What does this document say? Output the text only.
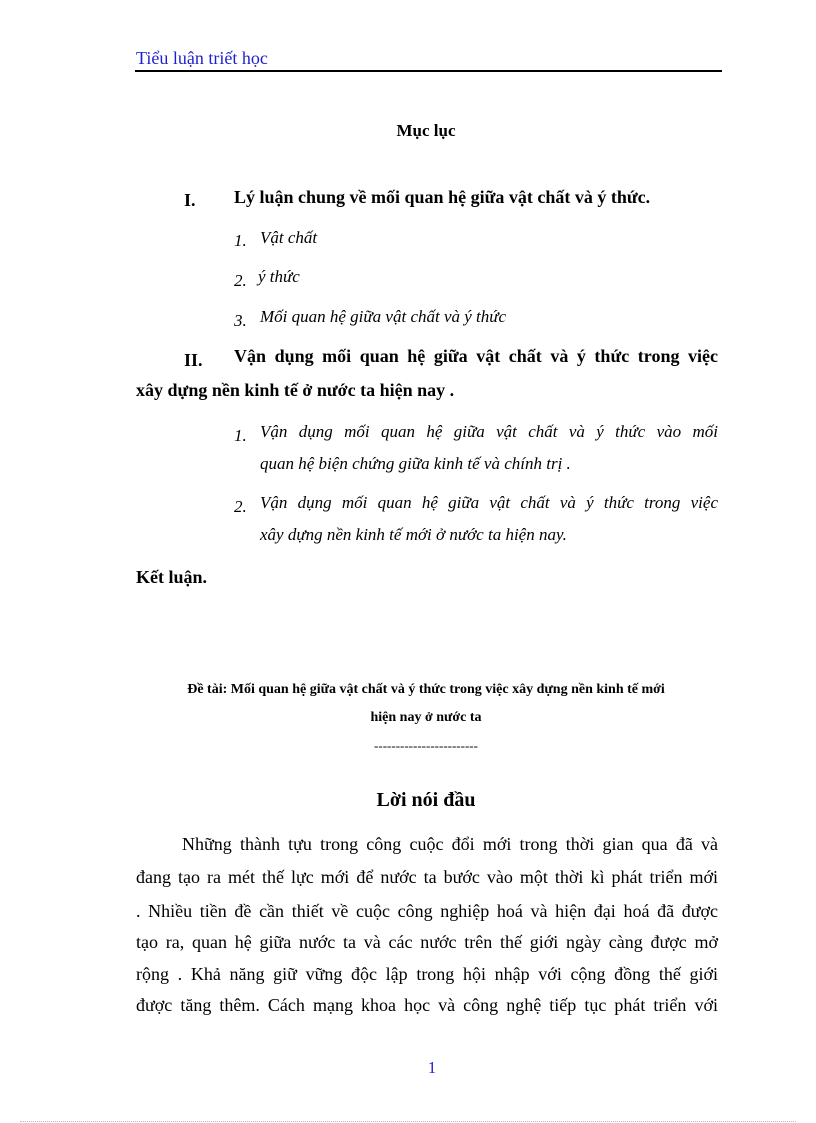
Tiểu luận triết học
Mục lục
I. Lý luận chung về mối quan hệ giữa vật chất và ý thức.
1. Vật chất
2. ý thức
3. Mối quan hệ giữa vật chất và ý thức
II. Vận dụng mối quan hệ giữa vật chất và ý thức trong việc
xây dựng nền kinh tế ở nước ta hiện nay .
1. Vận dụng mối quan hệ giữa vật chất và ý thức vào mối
quan hệ biện chứng giữa kinh tế và chính trị .
2. Vận dụng mối quan hệ giữa vật chất và ý thức trong việc
xây dựng nền kinh tế mới ở nước ta hiện nay.
Kết luận.
Đề tài: Mối quan hệ giữa vật chất và ý thức trong việc xây dựng nền kinh tế mới
hiện nay ở nước ta
------------------------
Lời nói đầu
Những thành tựu trong công cuộc đổi mới trong thời gian qua đã và
đang tạo ra mét thế lực mới để nước ta bước vào một thời kì phát triển mới
. Nhiều tiền đề cần thiết về cuộc công nghiệp hoá và hiện đại hoá đã được
tạo ra, quan hệ giữa nước ta và các nước trên thế giới ngày càng được mở
rộng . Khả năng giữ vững độc lập trong hội nhập với cộng đồng thế giới
được tăng thêm. Cách mạng khoa học và công nghệ tiếp tục phát triển với
1
